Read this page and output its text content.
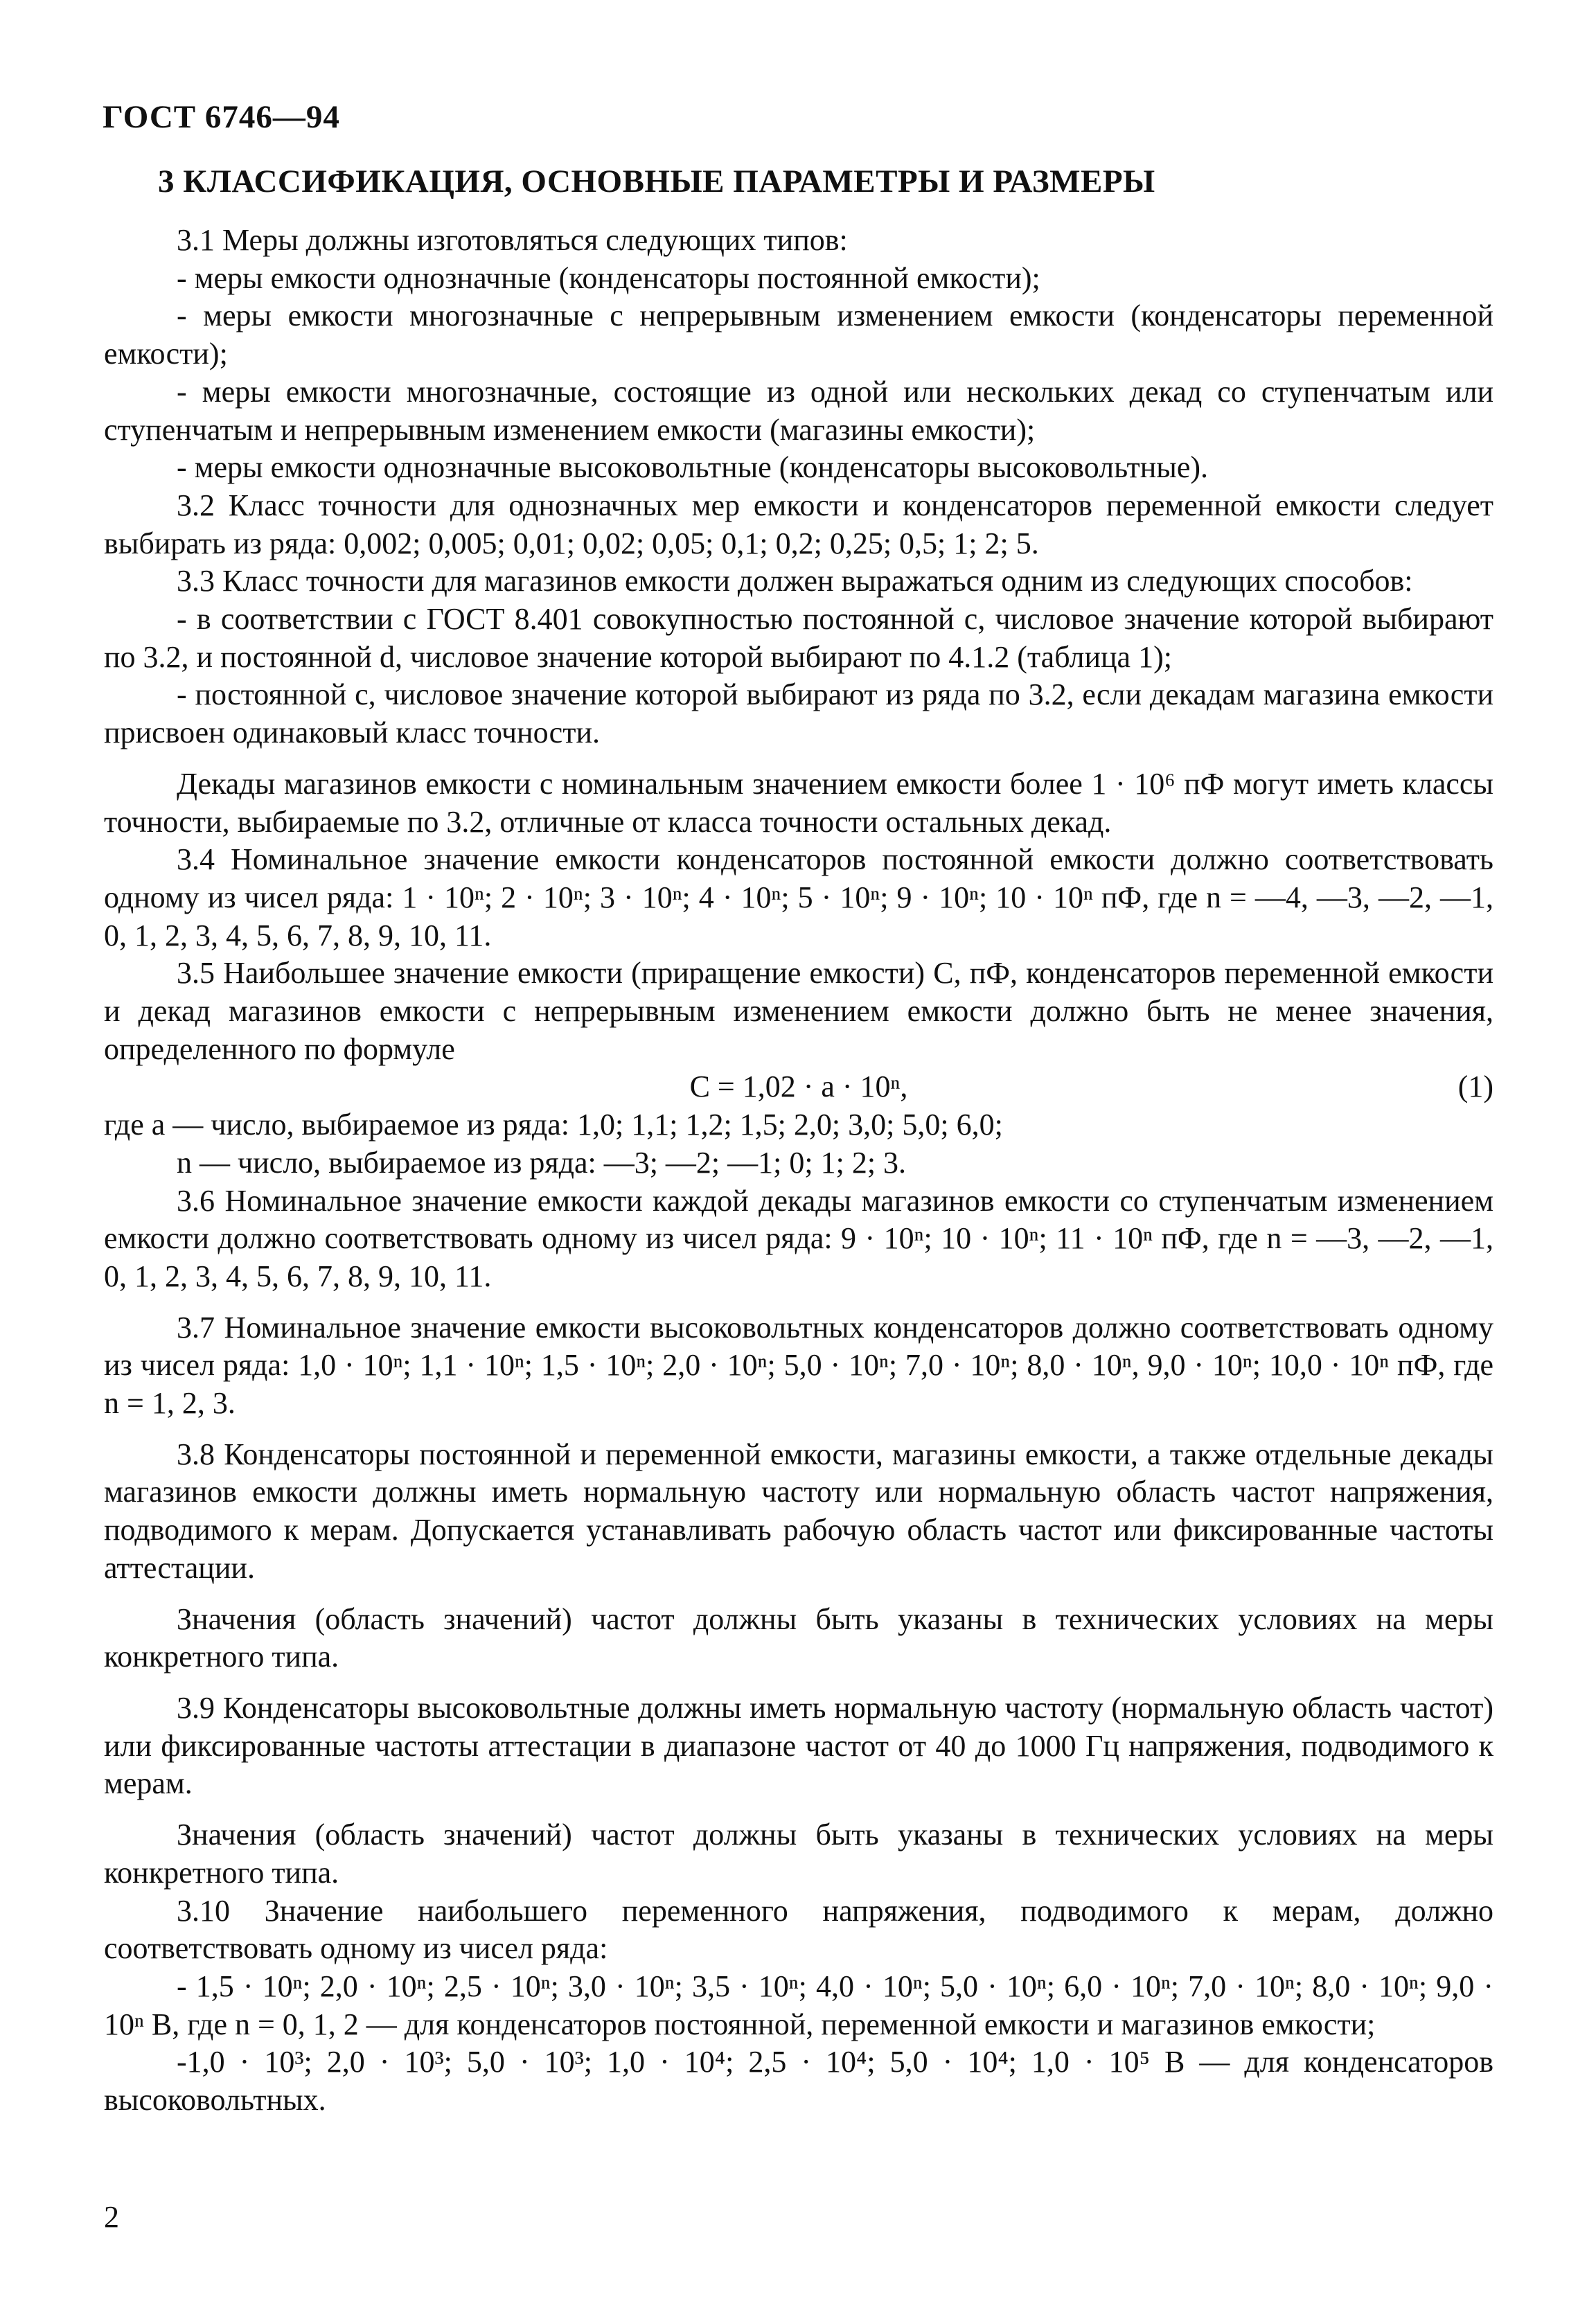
ГОСТ 6746—94
3 КЛАССИФИКАЦИЯ, ОСНОВНЫЕ ПАРАМЕТРЫ И РАЗМЕРЫ

3.1 Меры должны изготовляться следующих типов:

- меры емкости однозначные (конденсаторы постоянной емкости);

- меры емкости многозначные с непрерывным изменением емкости (конденсаторы переменной емкости);

- меры емкости многозначные, состоящие из одной или нескольких декад со ступенчатым или ступенчатым и непрерывным изменением емкости (магазины емкости);

- меры емкости однозначные высоковольтные (конденсаторы высоковольтные).

3.2 Класс точности для однозначных мер емкости и конденсаторов переменной емкости следует выбирать из ряда: 0,002; 0,005; 0,01; 0,02; 0,05; 0,1; 0,2; 0,25; 0,5; 1; 2; 5.

3.3 Класс точности для магазинов емкости должен выражаться одним из следующих способов:

- в соответствии с ГОСТ 8.401 совокупностью постоянной c, числовое значение которой выбирают по 3.2, и постоянной d, числовое значение которой выбирают по 4.1.2 (таблица 1);

- постоянной c, числовое значение которой выбирают из ряда по 3.2, если декадам магазина емкости присвоен одинаковый класс точности.

Декады магазинов емкости с номинальным значением емкости более 1 · 10⁶ пФ могут иметь классы точности, выбираемые по 3.2, отличные от класса точности остальных декад.

3.4 Номинальное значение емкости конденсаторов постоянной емкости должно соответствовать одному из чисел ряда: 1 · 10ⁿ; 2 · 10ⁿ; 3 · 10ⁿ; 4 · 10ⁿ; 5 · 10ⁿ; 9 · 10ⁿ; 10 · 10ⁿ пФ, где n = —4, —3, —2, —1, 0, 1, 2, 3, 4, 5, 6, 7, 8, 9, 10, 11.

3.5 Наибольшее значение емкости (приращение емкости) C, пФ, конденсаторов переменной емкости и декад магазинов емкости с непрерывным изменением емкости должно быть не менее значения, определенного по формуле

C = 1,02 · a · 10ⁿ,	(1)

где a — число, выбираемое из ряда: 1,0; 1,1; 1,2; 1,5; 2,0; 3,0; 5,0; 6,0;

n — число, выбираемое из ряда: —3; —2; —1; 0; 1; 2; 3.

3.6 Номинальное значение емкости каждой декады магазинов емкости со ступенчатым изменением емкости должно соответствовать одному из чисел ряда: 9 · 10ⁿ; 10 · 10ⁿ; 11 · 10ⁿ пФ, где n = —3, —2, —1, 0, 1, 2, 3, 4, 5, 6, 7, 8, 9, 10, 11.

3.7 Номинальное значение емкости высоковольтных конденсаторов должно соответствовать одному из чисел ряда: 1,0 · 10ⁿ; 1,1 · 10ⁿ; 1,5 · 10ⁿ; 2,0 · 10ⁿ; 5,0 · 10ⁿ; 7,0 · 10ⁿ; 8,0 · 10ⁿ, 9,0 · 10ⁿ; 10,0 · 10ⁿ пФ, где n = 1, 2, 3.

3.8 Конденсаторы постоянной и переменной емкости, магазины емкости, а также отдельные декады магазинов емкости должны иметь нормальную частоту или нормальную область частот напряжения, подводимого к мерам. Допускается устанавливать рабочую область частот или фиксированные частоты аттестации.

Значения (область значений) частот должны быть указаны в технических условиях на меры конкретного типа.

3.9 Конденсаторы высоковольтные должны иметь нормальную частоту (нормальную область частот) или фиксированные частоты аттестации в диапазоне частот от 40 до 1000 Гц напряжения, подводимого к мерам.

Значения (область значений) частот должны быть указаны в технических условиях на меры конкретного типа.

3.10 Значение наибольшего переменного напряжения, подводимого к мерам, должно соответствовать одному из чисел ряда:

- 1,5 · 10ⁿ; 2,0 · 10ⁿ; 2,5 · 10ⁿ; 3,0 · 10ⁿ; 3,5 · 10ⁿ; 4,0 · 10ⁿ; 5,0 · 10ⁿ; 6,0 · 10ⁿ; 7,0 · 10ⁿ; 8,0 · 10ⁿ; 9,0 · 10ⁿ В, где n = 0, 1, 2 — для конденсаторов постоянной, переменной емкости и магазинов емкости;

-1,0 · 10³; 2,0 · 10³; 5,0 · 10³; 1,0 · 10⁴; 2,5 · 10⁴; 5,0 · 10⁴; 1,0 · 10⁵ В — для конденсаторов высоковольтных.

2
